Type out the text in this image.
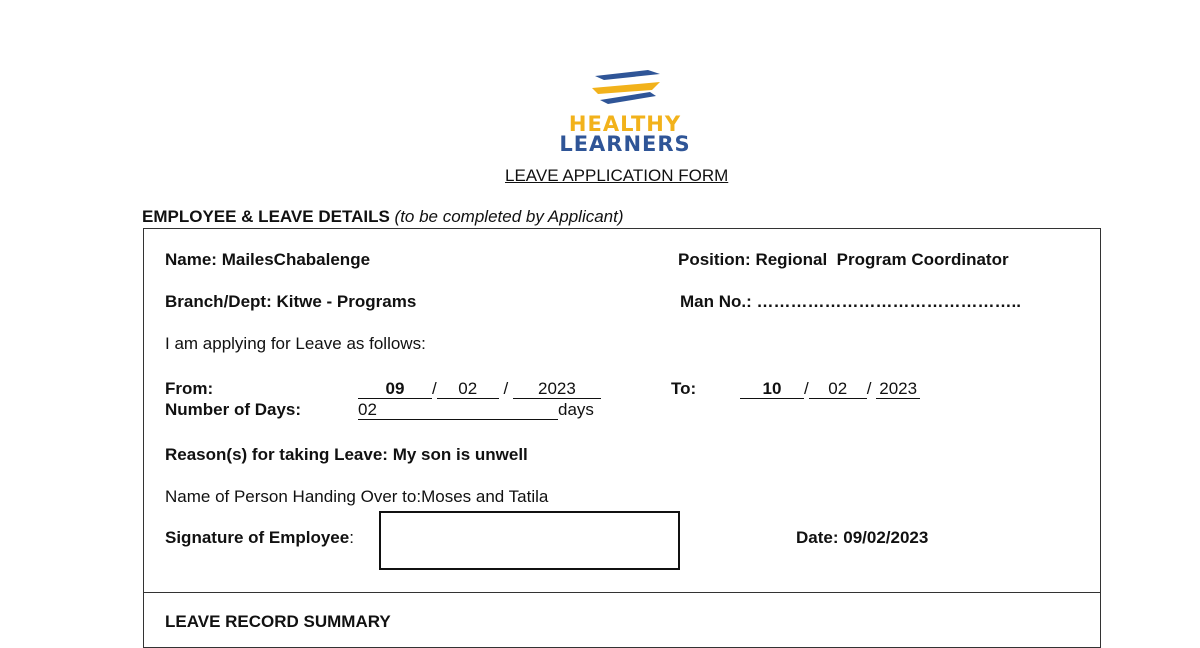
HEALTHY
LEARNERS
LEAVE APPLICATION FORM
EMPLOYEE & LEAVE DETAILS (to be completed by Applicant)
Name: MailesChabalenge	Position: Regional  Program Coordinator
Branch/Dept: Kitwe - Programs	Man No.: ………………………………………..
I am applying for Leave as follows:
From:	09 / 02 / 2023	To:	10 / 02 / 2023
Number of Days:	02	days
Reason(s) for taking Leave: My son is unwell
Name of Person Handing Over to:Moses and Tatila
Signature of Employee:	Date: 09/02/2023
LEAVE RECORD SUMMARY
